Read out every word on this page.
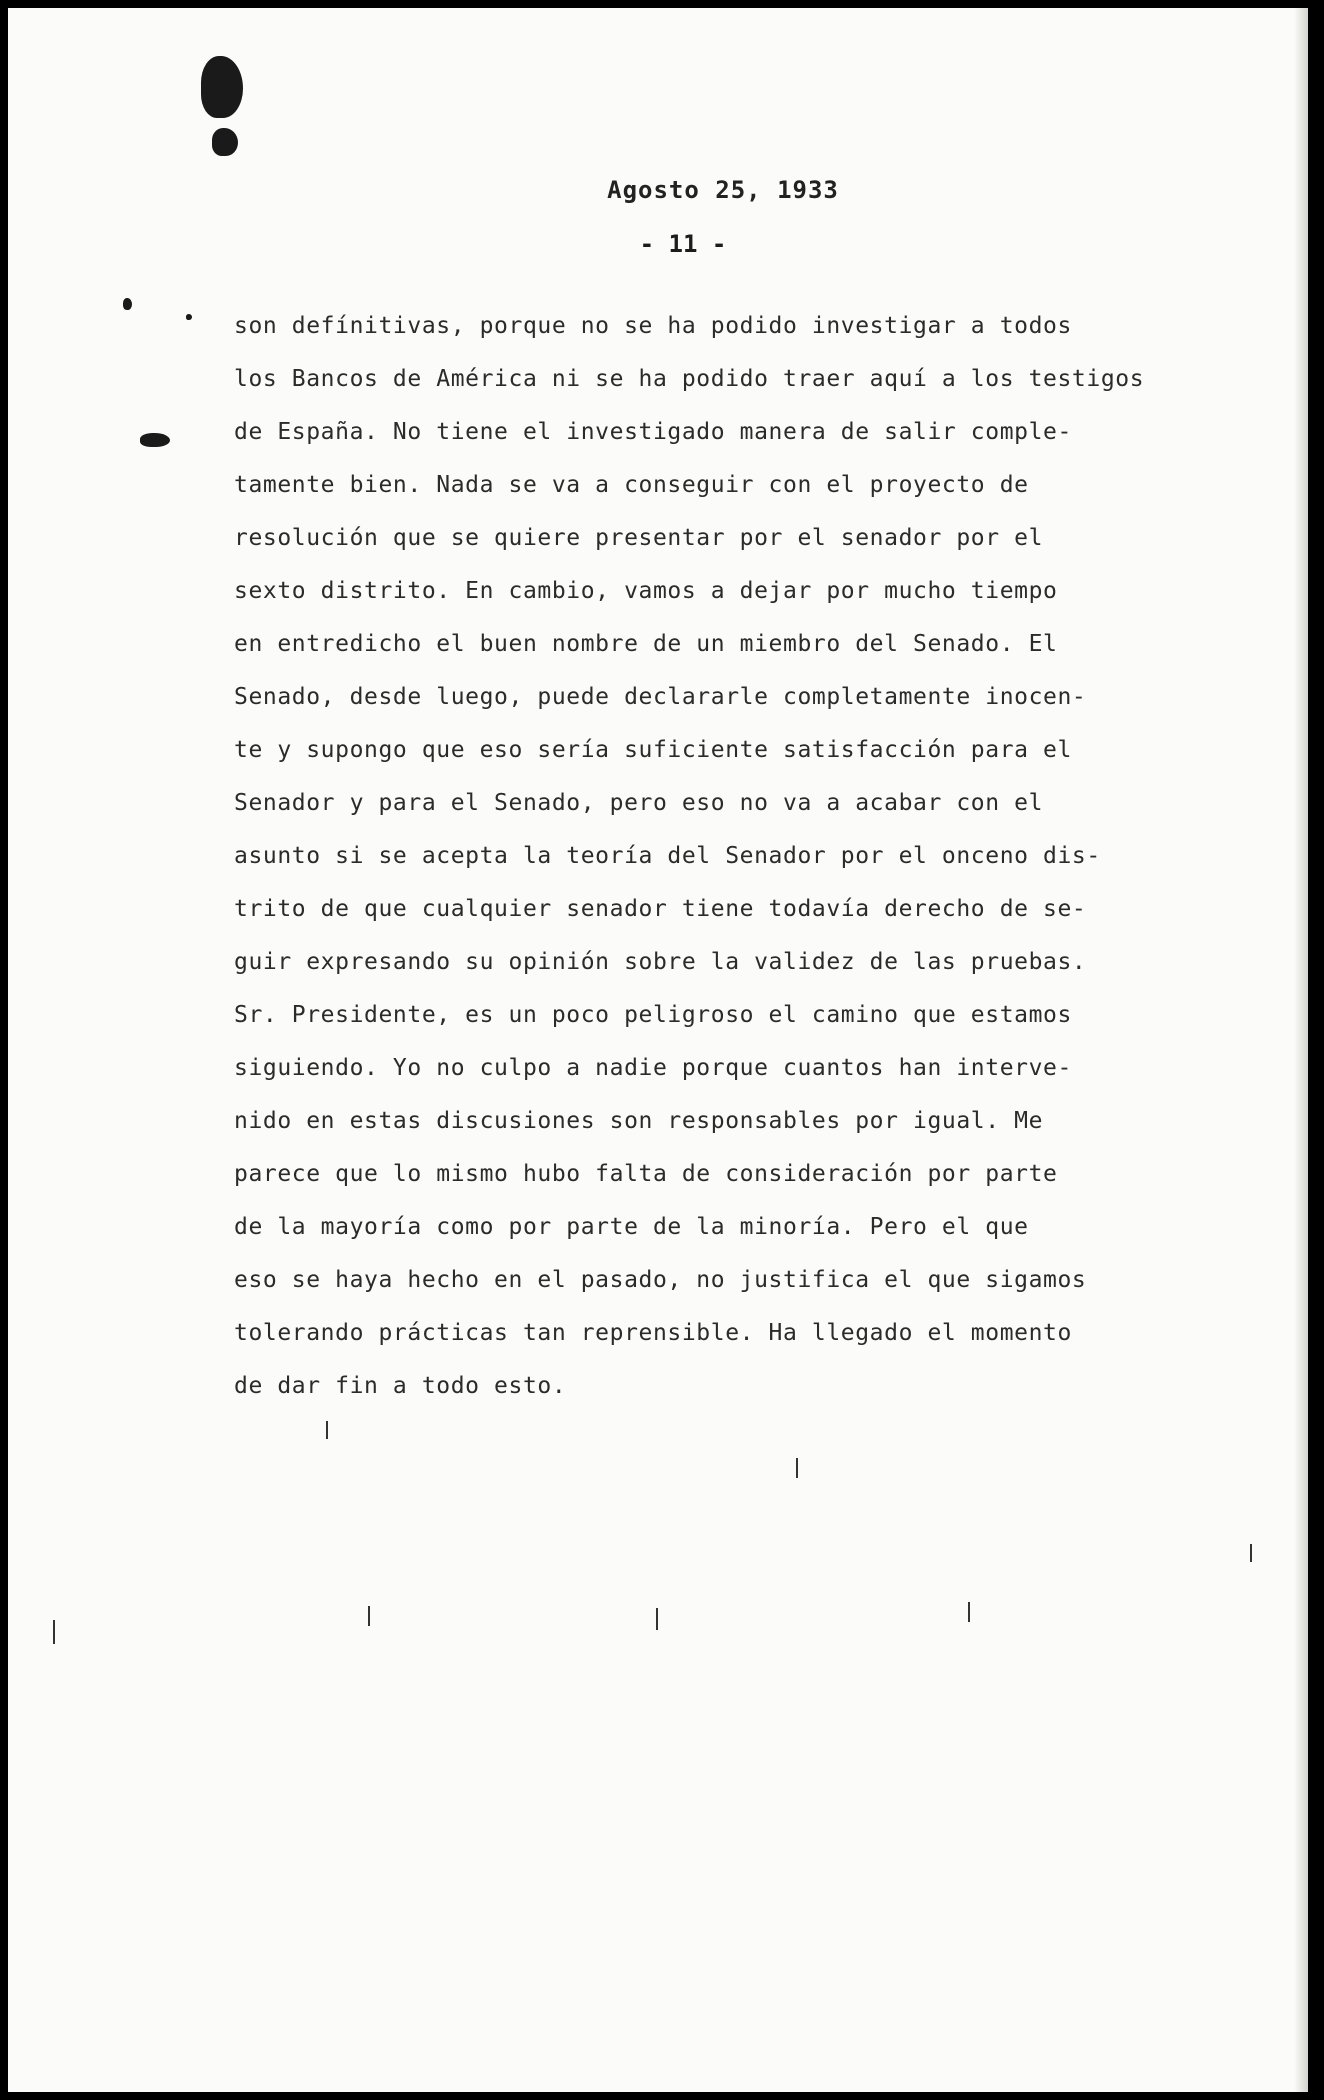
Agosto 25, 1933
- 11 -
son defínitivas, porque no se ha podido investigar a todos
los Bancos de América ni se ha podido traer aquí a los testigos
de España. No tiene el investigado manera de salir comple-
tamente bien. Nada se va a conseguir con el proyecto de
resolución que se quiere presentar por el senador por el
sexto distrito. En cambio, vamos a dejar por mucho tiempo
en entredicho el buen nombre de un miembro del Senado. El
Senado, desde luego, puede declararle completamente inocen-
te y supongo que eso sería suficiente satisfacción para el
Senador y para el Senado, pero eso no va a acabar con el
asunto si se acepta la teoría del Senador por el onceno dis-
trito de que cualquier senador tiene todavía derecho de se-
guir expresando su opinión sobre la validez de las pruebas.
Sr. Presidente, es un poco peligroso el camino que estamos
siguiendo. Yo no culpo a nadie porque cuantos han interve-
nido en estas discusiones son responsables por igual. Me
parece que lo mismo hubo falta de consideración por parte
de la mayoría como por parte de la minoría. Pero el que
eso se haya hecho en el pasado, no justifica el que sigamos
tolerando prácticas tan reprensible. Ha llegado el momento
de dar fin a todo esto.
